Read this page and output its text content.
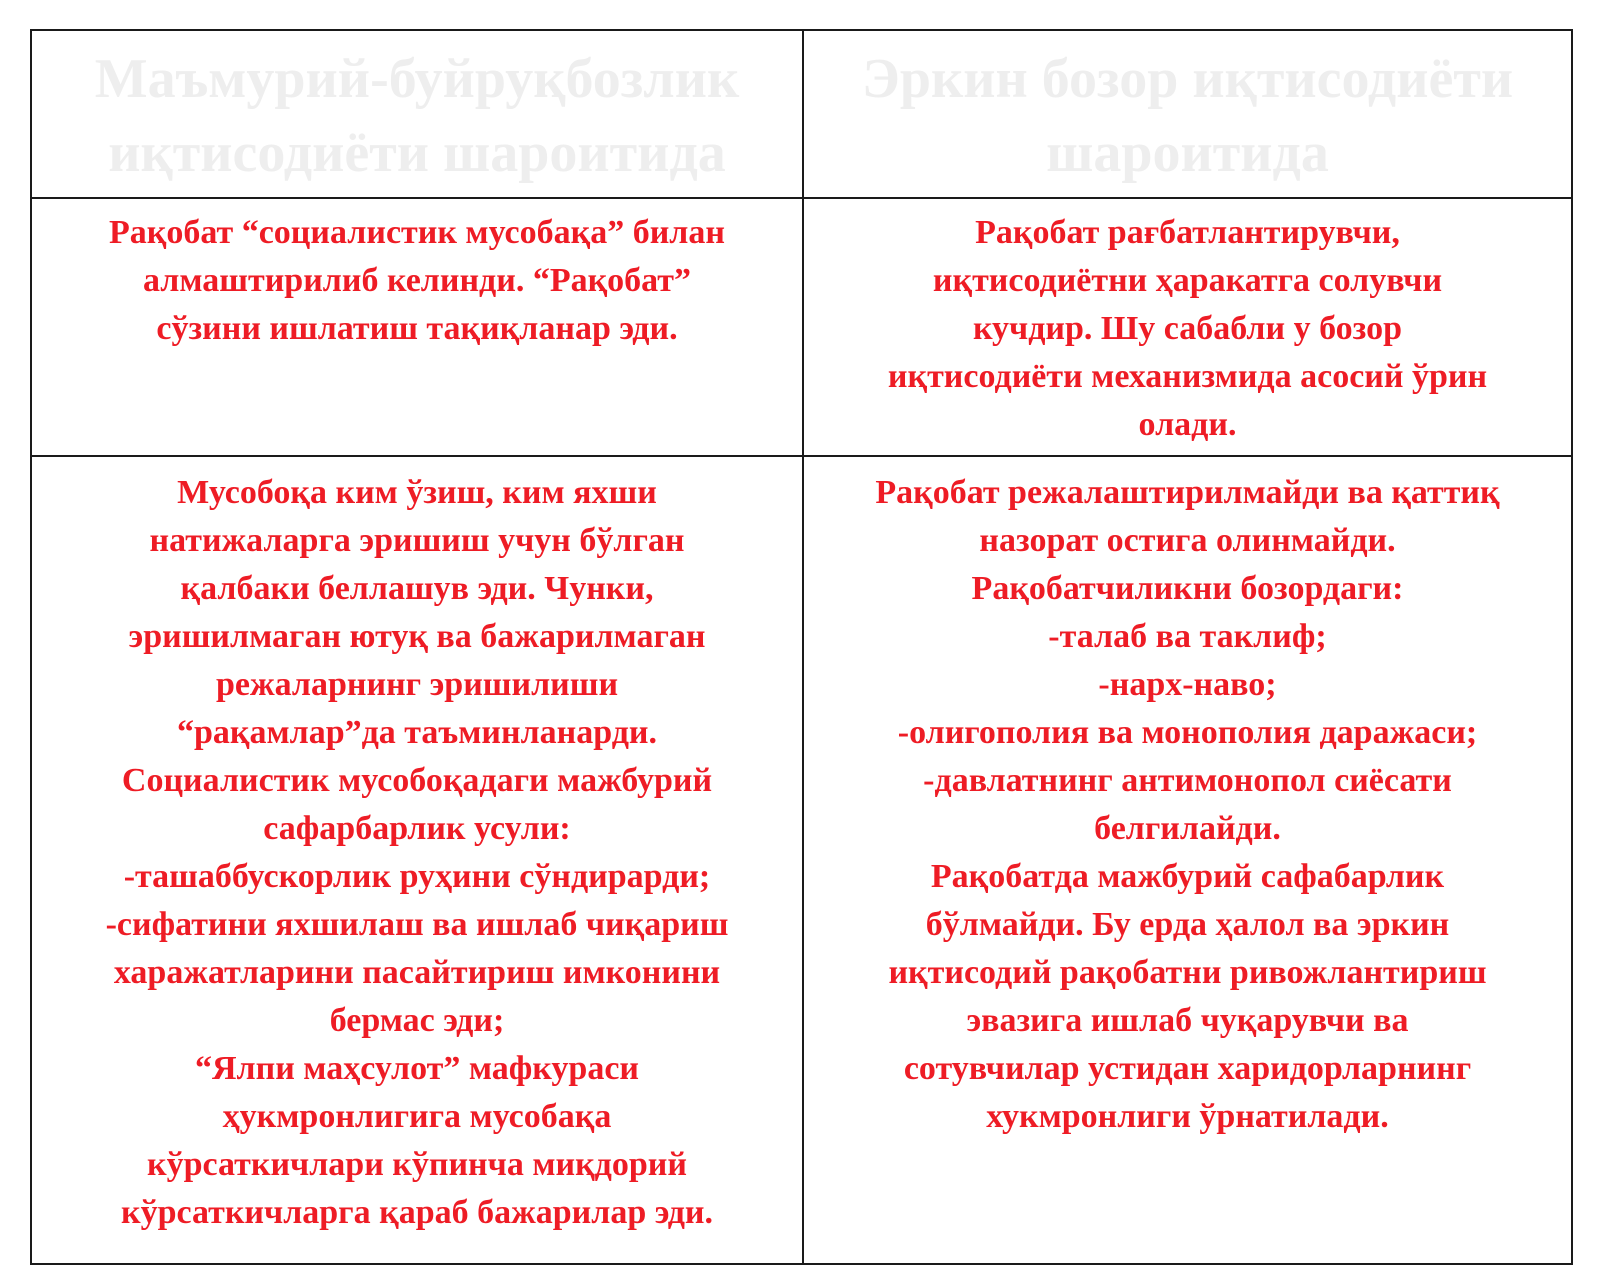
Маъмурий-буйруқбозлик
иқтисодиёти шароитида
Эркин бозор иқтисодиёти
шароитида
Рақобат “социалистик мусобақа” билан
алмаштирилиб келинди. “Рақобат”
сўзини ишлатиш тақиқланар эди.
Рақобат рағбатлантирувчи,
иқтисодиётни ҳаракатга солувчи
кучдир. Шу сабабли у бозор
иқтисодиёти механизмида асосий ўрин
олади.
Мусобоқа ким ўзиш, ким яхши
натижаларга эришиш учун бўлган
қалбаки беллашув эди. Чунки,
эришилмаган ютуқ ва бажарилмаган
режаларнинг эришилиши
“рақамлар”да таъминланарди.
Социалистик мусобоқадаги мажбурий
сафарбарлик усули:
-ташаббускорлик руҳини сўндирарди;
-сифатини яхшилаш ва ишлаб чиқариш
харажатларини пасайтириш имконини
бермас эди;
“Ялпи маҳсулот” мафкураси
ҳукмронлигига мусобақа
кўрсаткичлари кўпинча миқдорий
кўрсаткичларга қараб бажарилар эди.
Рақобат режалаштирилмайди ва қаттиқ
назорат остига олинмайди.
Рақобатчиликни бозордаги:
-талаб ва таклиф;
-нарх-наво;
-олигополия ва монополия даражаси;
-давлатнинг антимонопол сиёсати
белгилайди.
Рақобатда мажбурий сафабарлик
бўлмайди. Бу ерда ҳалол ва эркин
иқтисодий рақобатни ривожлантириш
эвазига ишлаб чуқарувчи ва
сотувчилар устидан харидорларнинг
хукмронлиги ўрнатилади.
